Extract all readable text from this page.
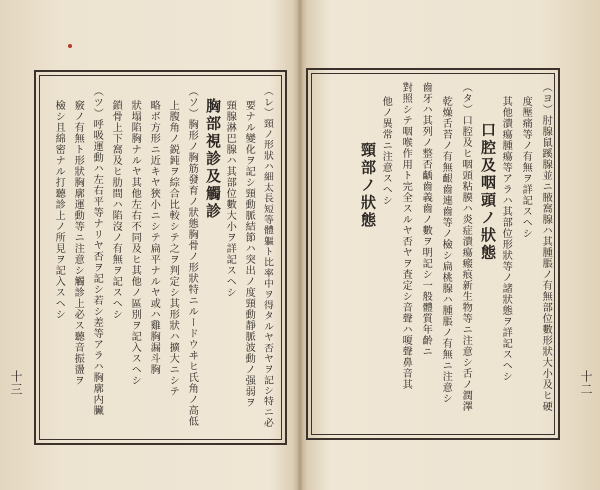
（レ）頸ノ形狀ハ細太長短等體軀ト比率中ヲ得タルヤ否ヤヲ記シ特ニ必
要ナル變化ヲ記シ頸動脈結節ハ突出ノ度頸動靜脈波動ノ强弱ヲ
頸腺淋巴腺ハ其部位數大小ヲ詳記スヘシ
胸部視診及觸診
（ソ）胸形ノ胸筋發育ノ狀態胸骨ノ形狀特ニルードウヰヒ氏角ノ高低
上腹角ノ鋭鈍ヲ綜合比較シテ之ヲ判定シ其形狀ハ擴大ニシテ
略ボ方形ニ近キヤ狹小ニシテ扁平ナルヤ或ハ雞胸漏斗胸
狀塌陷胸ナルヤ其他左右不同及ヒ其他ノ區別ヲ記入スヘシ
鎖骨上下窩及ヒ肋間ハ陷沒ノ有無ヲ記スヘシ
（ツ）呼吸運動ハ左右平等ナリヤ否ヲ記シ若シ差等アラハ胸廓内臟
竅ノ有無ト形狀胸廓運動等ニ注意シ觸診上必ス聽音振盪ヲ
檢シ且綿密ナル打聽診上ノ所見ヲ記入スヘシ
十三	（ヨ）肘腺鼠蹊腺並ニ腋窩腺ハ其腫脹ノ有無部位數形狀大小及ヒ硬
度壓痛等ノ有無ヲ詳記スヘシ
其他潰瘍腫瘍等アラハ其部位形狀等ノ諸狀態ヲ詳記スヘシ
口腔及咽頭ノ狀態
（タ）口腔及ヒ咽頭粘膜ハ炎症潰瘍瘢痕新生物等ニ注意シ舌ノ潤澤
乾燥舌苔ノ有無齦齒連齒等ノ檢シ扁桃腺ハ腫脹ノ有無ニ注意シ
齒牙ハ其列ノ整否齲齒義齒ノ數ヲ明記シ一般體質年齡ニ
對照シテ咽喉作用ト完全スルヤ否ヤヲ査定シ音聲ハ嗄聲鼻音其
他ノ異常ニ注意スヘシ
頸部ノ狀態
十二
